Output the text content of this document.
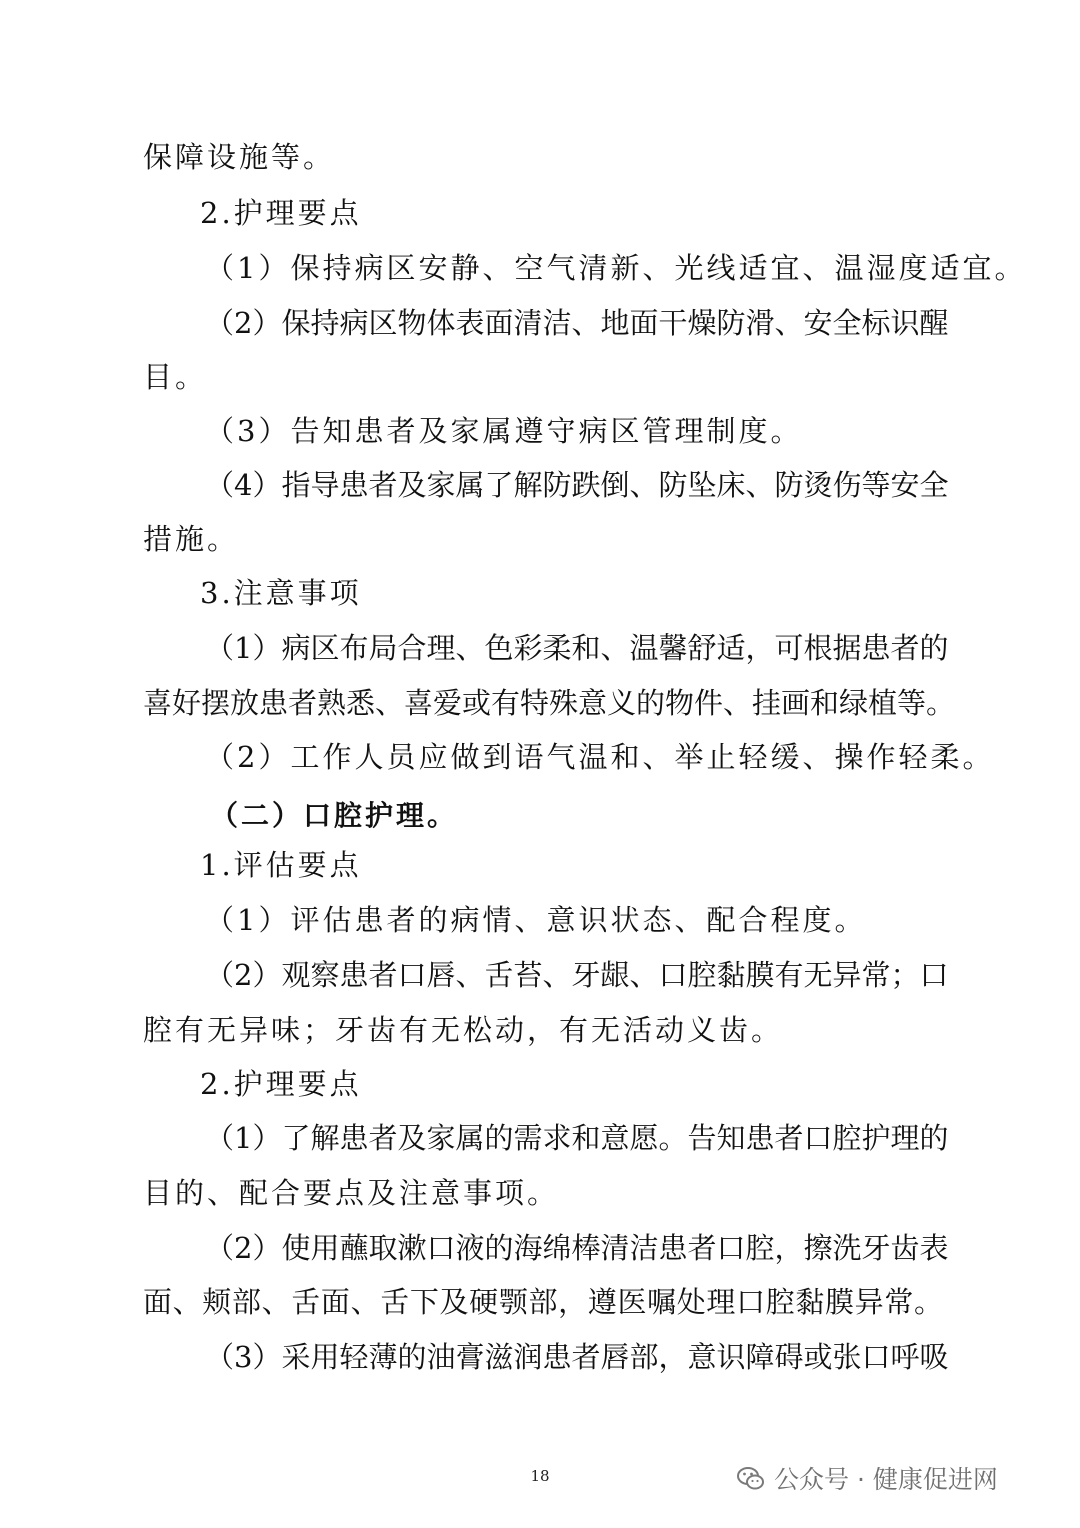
保障设施等。
2.护理要点
（1）保持病区安静、空气清新、光线适宜、温湿度适宜。
（2）保持病区物体表面清洁、地面干燥防滑、安全标识醒
目。
（3）告知患者及家属遵守病区管理制度。
（4）指导患者及家属了解防跌倒、防坠床、防烫伤等安全
措施。
3.注意事项
（1）病区布局合理、色彩柔和、温馨舒适，可根据患者的
喜好摆放患者熟悉、喜爱或有特殊意义的物件、挂画和绿植等。
（2）工作人员应做到语气温和、举止轻缓、操作轻柔。
（二）口腔护理。
1.评估要点
（1）评估患者的病情、意识状态、配合程度。
（2）观察患者口唇、舌苔、牙龈、口腔黏膜有无异常；口
腔有无异味；牙齿有无松动，有无活动义齿。
2.护理要点
（1）了解患者及家属的需求和意愿。告知患者口腔护理的
目的、配合要点及注意事项。
（2）使用蘸取漱口液的海绵棒清洁患者口腔，擦洗牙齿表
面、颊部、舌面、舌下及硬颚部，遵医嘱处理口腔黏膜异常。
（3）采用轻薄的油膏滋润患者唇部，意识障碍或张口呼吸
18	公众号 · 健康促进网
